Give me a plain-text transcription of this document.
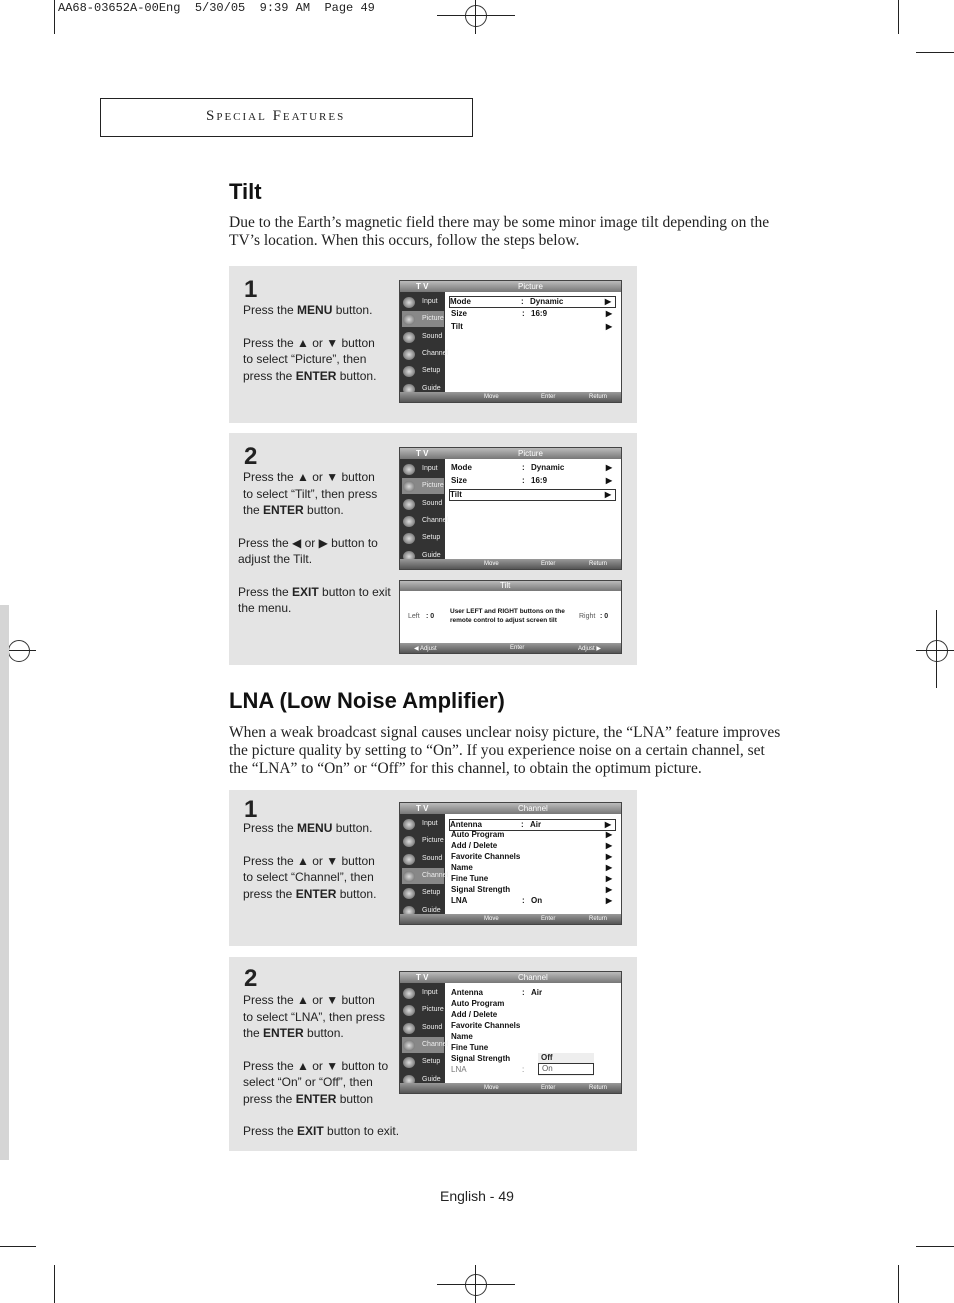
AA68-03652A-00Eng  5/30/05  9:39 AM  Page 49
Special Features
Tilt
Due to the Earth’s magnetic field there may be some minor image tilt depending on the
TV’s location. When this occurs, follow the steps below.
1
Press the MENU button.
Press the ▲ or ▼ button
to select “Picture”, then
press the ENTER button.
T V	Picture
Input
Picture
Sound
Channel
Setup
Guide
Move	Enter	Return
Mode	: Dynamic	▶
Size	: 16:9	▶
Tilt	▶
2
Press the ▲ or ▼ button
to select “Tilt”, then press
the ENTER button.
Press the ◀ or ▶ button to
adjust the Tilt.
Press the EXIT button to exit
the menu.
T V	Picture
Input
Picture
Sound
Channel
Setup
Guide
Move	Enter	Return
Mode	: Dynamic	▶
Size	: 16:9	▶
Tilt	▶
Tilt
Left : 0
User LEFT and RIGHT buttons on the
remote control to adjust screen tilt
Right : 0
◀ Adjust	Enter	Adjust ▶
LNA (Low Noise Amplifier)
When a weak broadcast signal causes unclear noisy picture, the “LNA” feature improves
the picture quality by setting to “On”. If you experience noise on a certain channel, set
the “LNA” to “On” or “Off” for this channel, to obtain the optimum picture.
1
Press the MENU button.
Press the ▲ or ▼ button
to select “Channel”, then
press the ENTER button.
T V	Channel
Input
Picture
Sound
Channel
Setup
Guide
Move	Enter	Return
Antenna	: Air	▶
Auto Program	▶
Add / Delete	▶
Favorite Channels	▶
Name	▶
Fine Tune	▶
Signal Strength	▶
LNA	: On	▶
2
Press the ▲ or ▼ button
to select “LNA”, then press
the ENTER button.
Press the ▲ or ▼ button to
select “On” or “Off”, then
press the ENTER button
Press the EXIT button to exit.
T V	Channel
Input
Picture
Sound
Channel
Setup
Guide
Move	Enter	Return
Antenna	: Air
Auto Program
Add / Delete
Favorite Channels
Name
Fine Tune
Signal Strength
LNA	:
Off
On
English - 49
